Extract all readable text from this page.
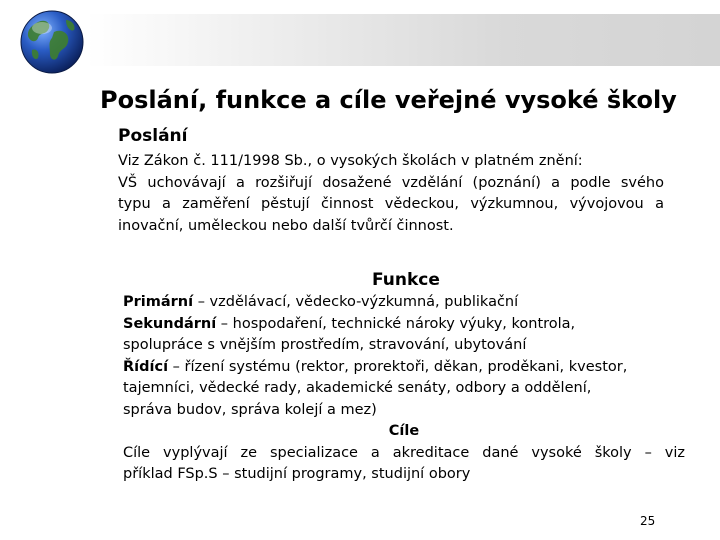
Poslání, funkce a cíle veřejné vysoké školy
Poslání

Viz Zákon č. 111/1998 Sb., o vysokých školách v platném znění:

VŠ uchovávají a rozšiřují dosažené vzdělání (poznání) a podle svého

typu a zaměření pěstují činnost vědeckou, výzkumnou, vývojovou a

inovační, uměleckou nebo další tvůrčí činnost.

Funkce

Primární – vzdělávací, vědecko-výzkumná, publikační

Sekundární – hospodaření, technické nároky výuky, kontrola,

spolupráce s vnějším prostředím, stravování, ubytování

Řídící – řízení systému (rektor, prorektoři, děkan, proděkani, kvestor,

tajemníci, vědecké rady, akademické senáty, odbory a oddělení,

správa budov, správa kolejí a mez)

Cíle

Cíle vyplývají ze specializace a akreditace dané vysoké školy – viz

příklad FSp.S – studijní programy, studijní obory

25
